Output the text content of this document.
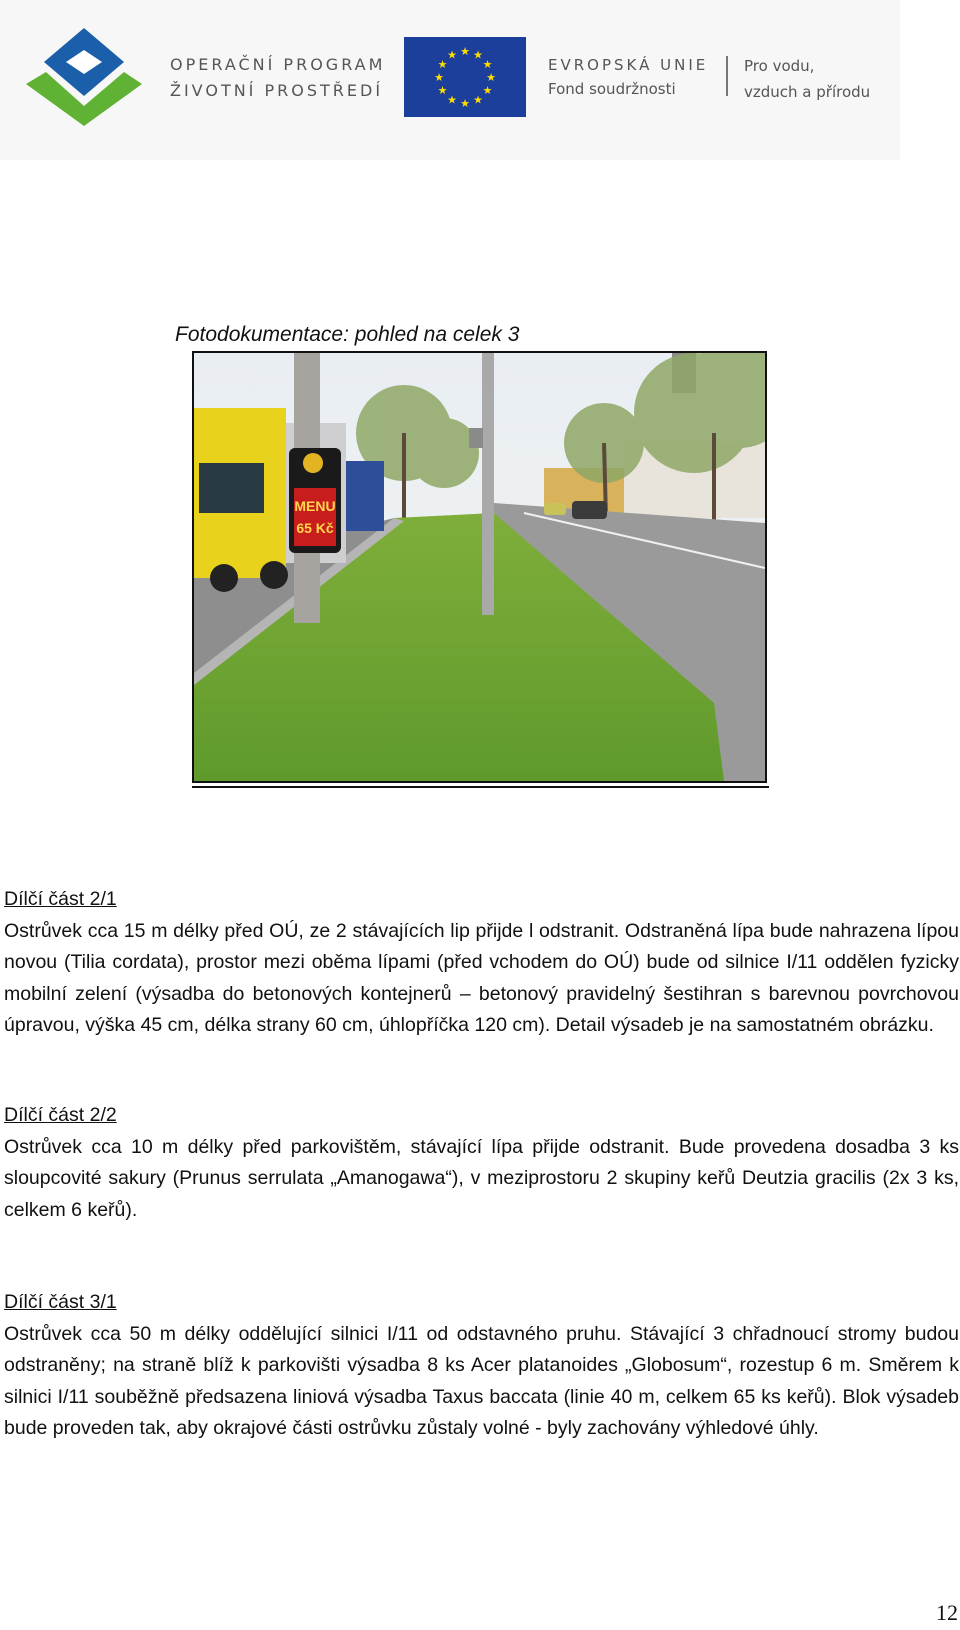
OPERAČNÍ PROGRAM
ŽIVOTNÍ PROSTŘEDÍ
★
★
★
★
★
★
★
★
★ ★ ★
★	EVROPSKÁ UNIE
Fond soudržnosti
Pro vodu,
vzduch a přírodu
Fotodokumentace: pohled na celek 3
MENU
65 Kč
Dílčí část 2/1
Ostrůvek cca 15 m délky před OÚ, ze 2 stávajících lip přijde l odstranit. Odstraněná lípa bude nahrazena lípou novou (Tilia cordata), prostor mezi oběma lípami (před vchodem do OÚ) bude od silnice I/11 oddělen fyzicky mobilní zelení (výsadba do betonových kontejnerů – betonový pravidelný šestihran s barevnou povrchovou úpravou, výška 45 cm, délka strany 60 cm, úhlopříčka 120 cm). Detail výsadeb je na samostatném obrázku.
Dílčí část 2/2
Ostrůvek cca 10 m délky před parkovištěm, stávající lípa přijde odstranit. Bude provedena dosadba 3 ks sloupcovité sakury (Prunus serrulata „Amanogawa“), v meziprostoru 2 skupiny keřů Deutzia gracilis (2x 3 ks, celkem 6 keřů).
Dílčí část 3/1
Ostrůvek cca 50 m délky oddělující silnici I/11 od odstavného pruhu. Stávající 3 chřadnoucí stromy budou odstraněny; na straně blíž k parkovišti výsadba 8 ks Acer platanoides „Globosum“, rozestup 6 m. Směrem k silnici I/11 souběžně předsazena liniová výsadba Taxus baccata (linie 40 m, celkem 65 ks keřů). Blok výsadeb bude proveden tak, aby okrajové části ostrůvku zůstaly volné - byly zachovány výhledové úhly.
12
